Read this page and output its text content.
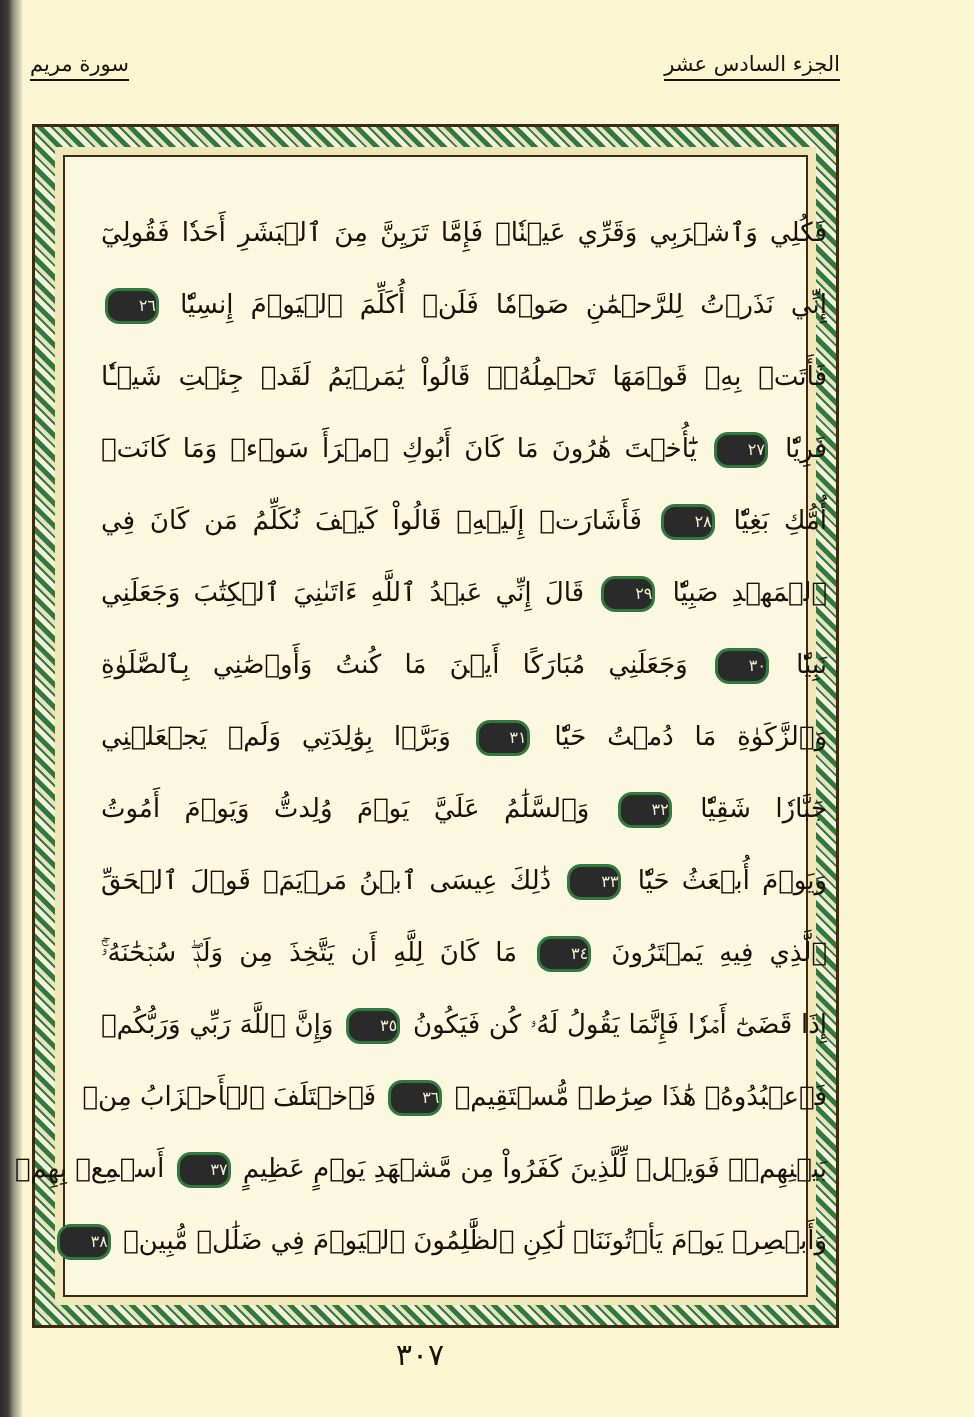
الجزء السادس عشر
سورة مريم
فَكُلِي وَٱشۡرَبِي وَقَرِّي عَيۡنٗاۖ فَإِمَّا تَرَيِنَّ مِنَ ٱلۡبَشَرِ أَحَدٗا فَقُولِيٓ
إِنِّي نَذَرۡتُ لِلرَّحۡمَٰنِ صَوۡمٗا فَلَنۡ أُكَلِّمَ ٱلۡيَوۡمَ إِنسِيّٗا ٢٦
فَأَتَتۡ بِهِۦ قَوۡمَهَا تَحۡمِلُهُۥۖ قَالُواْ يَٰمَرۡيَمُ لَقَدۡ جِئۡتِ شَيۡـٔٗا
فَرِيّٗا ٢٧ يَٰٓأُخۡتَ هَٰرُونَ مَا كَانَ أَبُوكِ ٱمۡرَأَ سَوۡءٖ وَمَا كَانَتۡ
أُمُّكِ بَغِيّٗا ٢٨ فَأَشَارَتۡ إِلَيۡهِۖ قَالُواْ كَيۡفَ نُكَلِّمُ مَن كَانَ فِي
ٱلۡمَهۡدِ صَبِيّٗا ٢٩ قَالَ إِنِّي عَبۡدُ ٱللَّهِ ءَاتَىٰنِيَ ٱلۡكِتَٰبَ وَجَعَلَنِي
نَبِيّٗا ٣٠ وَجَعَلَنِي مُبَارَكًا أَيۡنَ مَا كُنتُ وَأَوۡصَٰنِي بِٱلصَّلَوٰةِ
وَٱلزَّكَوٰةِ مَا دُمۡتُ حَيّٗا ٣١ وَبَرَّۢا بِوَٰلِدَتِي وَلَمۡ يَجۡعَلۡنِي
جَبَّارٗا شَقِيّٗا ٣٢ وَٱلسَّلَٰمُ عَلَيَّ يَوۡمَ وُلِدتُّ وَيَوۡمَ أَمُوتُ
وَيَوۡمَ أُبۡعَثُ حَيّٗا ٣٣ ذَٰلِكَ عِيسَى ٱبۡنُ مَرۡيَمَۖ قَوۡلَ ٱلۡحَقِّ
ٱلَّذِي فِيهِ يَمۡتَرُونَ ٣٤ مَا كَانَ لِلَّهِ أَن يَتَّخِذَ مِن وَلَدٖۖ سُبۡحَٰنَهُۥٓۚ
إِذَا قَضَىٰٓ أَمۡرٗا فَإِنَّمَا يَقُولُ لَهُۥ كُن فَيَكُونُ ٣٥ وَإِنَّ ٱللَّهَ رَبِّي وَرَبُّكُمۡ
فَٱعۡبُدُوهُۚ هَٰذَا صِرَٰطٞ مُّسۡتَقِيمٞ ٣٦ فَٱخۡتَلَفَ ٱلۡأَحۡزَابُ مِنۢ
بَيۡنِهِمۡۖ فَوَيۡلٞ لِّلَّذِينَ كَفَرُواْ مِن مَّشۡهَدِ يَوۡمٍ عَظِيمٍ ٣٧ أَسۡمِعۡ بِهِمۡ
وَأَبۡصِرۡ يَوۡمَ يَأۡتُونَنَاۖ لَٰكِنِ ٱلظَّٰلِمُونَ ٱلۡيَوۡمَ فِي ضَلَٰلٖ مُّبِينٖ ٣٨
٣٠٧
